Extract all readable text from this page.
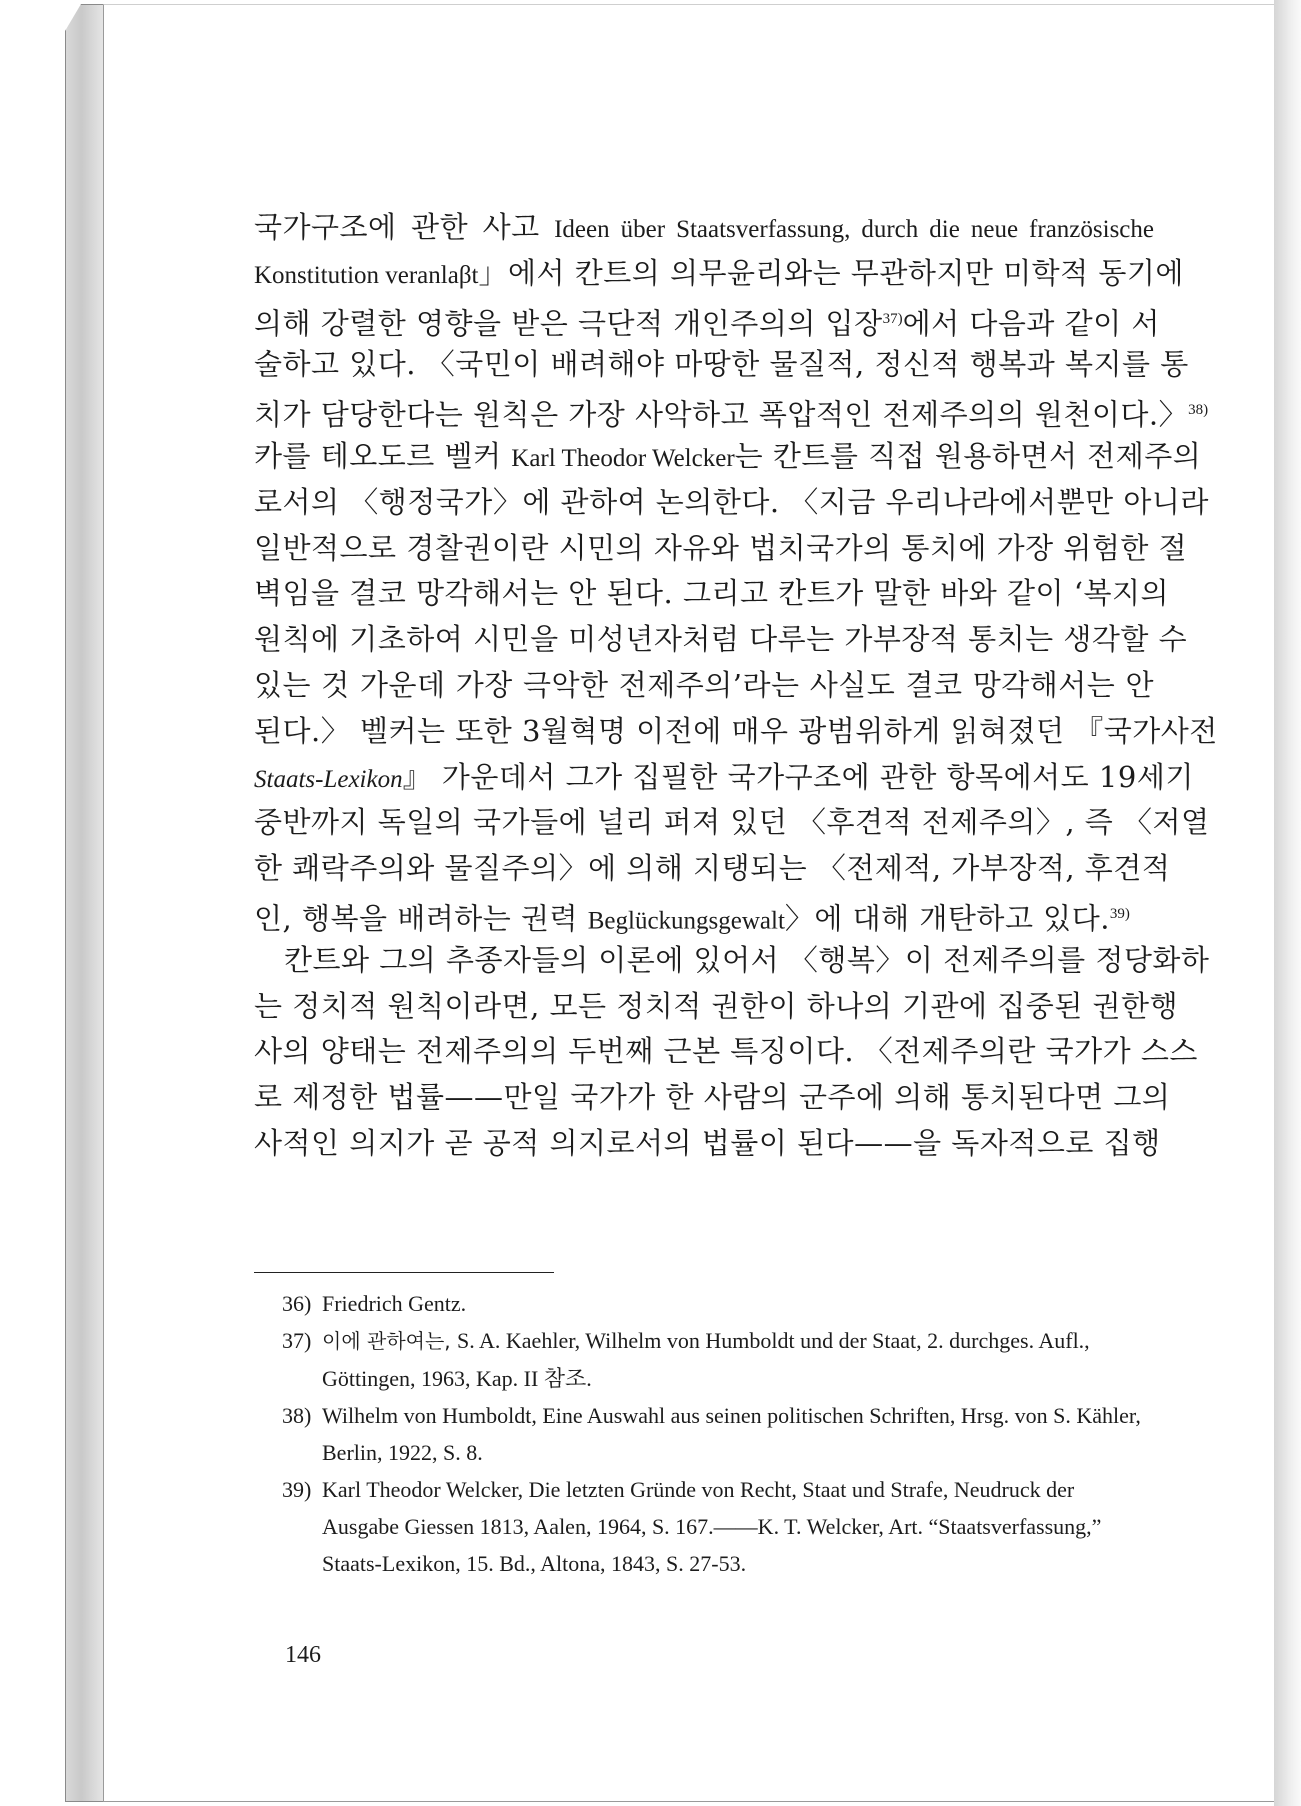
국가구조에 관한 사고 Ideen über Staatsverfassung, durch die neue französische
Konstitution veranlaβt」에서 칸트의 의무윤리와는 무관하지만 미학적 동기에
의해 강렬한 영향을 받은 극단적 개인주의의 입장$^{37)}$에서 다음과 같이 서
술하고 있다. 〈국민이 배려해야 마땅한 물질적, 정신적 행복과 복지를 통
치가 담당한다는 원칙은 가장 사악하고 폭압적인 전제주의의 원천이다.〉$^{38)}$
카를 테오도르 벨커 Karl Theodor Welcker는 칸트를 직접 원용하면서 전제주의
로서의 〈행정국가〉에 관하여 논의한다. 〈지금 우리나라에서뿐만 아니라
일반적으로 경찰권이란 시민의 자유와 법치국가의 통치에 가장 위험한 절
벽임을 결코 망각해서는 안 된다. 그리고 칸트가 말한 바와 같이 ‘복지의
원칙에 기초하여 시민을 미성년자처럼 다루는 가부장적 통치는 생각할 수
있는 것 가운데 가장 극악한 전제주의’라는 사실도 결코 망각해서는 안
된다.〉 벨커는 또한 3월혁명 이전에 매우 광범위하게 읽혀졌던 『국가사전
Staats-Lexikon』 가운데서 그가 집필한 국가구조에 관한 항목에서도 19세기
중반까지 독일의 국가들에 널리 퍼져 있던 〈후견적 전제주의〉, 즉 〈저열
한 쾌락주의와 물질주의〉에 의해 지탱되는 〈전제적, 가부장적, 후견적
인, 행복을 배려하는 권력 Beglückungsgewalt〉에 대해 개탄하고 있다.$^{39)}$
칸트와 그의 추종자들의 이론에 있어서 〈행복〉이 전제주의를 정당화하
는 정치적 원칙이라면, 모든 정치적 권한이 하나의 기관에 집중된 권한행
사의 양태는 전제주의의 두번째 근본 특징이다. 〈전제주의란 국가가 스스
로 제정한 법률——만일 국가가 한 사람의 군주에 의해 통치된다면 그의
사적인 의지가 곧 공적 의지로서의 법률이 된다——을 독자적으로 집행
36) Friedrich Gentz.
37) 이에 관하여는, S. A. Kaehler, Wilhelm von Humboldt und der Staat, 2. durchges. Aufl.,
Göttingen, 1963, Kap. II 참조.
38) Wilhelm von Humboldt, Eine Auswahl aus seinen politischen Schriften, Hrsg. von S. Kähler,
Berlin, 1922, S. 8.
39) Karl Theodor Welcker, Die letzten Gründe von Recht, Staat und Strafe, Neudruck der
Ausgabe Giessen 1813, Aalen, 1964, S. 167.——K. T. Welcker, Art. “Staatsverfassung,”
Staats-Lexikon, 15. Bd., Altona, 1843, S. 27-53.
146
